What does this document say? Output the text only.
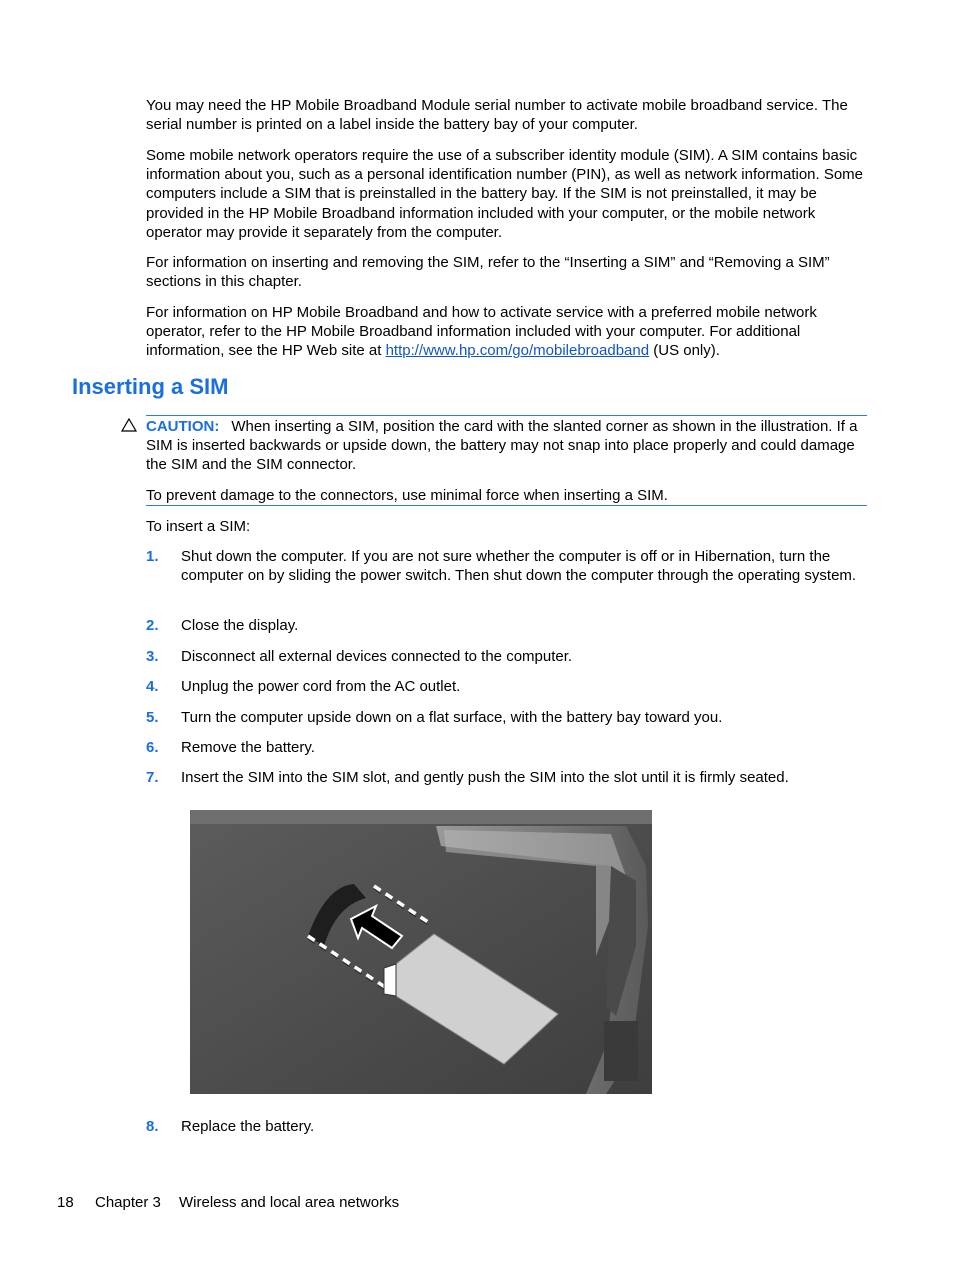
You may need the HP Mobile Broadband Module serial number to activate mobile broadband service. The serial number is printed on a label inside the battery bay of your computer.

Some mobile network operators require the use of a subscriber identity module (SIM). A SIM contains basic information about you, such as a personal identification number (PIN), as well as network information. Some computers include a SIM that is preinstalled in the battery bay. If the SIM is not preinstalled, it may be provided in the HP Mobile Broadband information included with your computer, or the mobile network operator may provide it separately from the computer.

For information on inserting and removing the SIM, refer to the “Inserting a SIM” and “Removing a SIM” sections in this chapter.

For information on HP Mobile Broadband and how to activate service with a preferred mobile network operator, refer to the HP Mobile Broadband information included with your computer. For additional information, see the HP Web site at http://www.hp.com/go/mobilebroadband (US only).

Inserting a SIM

CAUTION: When inserting a SIM, position the card with the slanted corner as shown in the illustration. If a SIM is inserted backwards or upside down, the battery may not snap into place properly and could damage the SIM and the SIM connector.

To prevent damage to the connectors, use minimal force when inserting a SIM.

To insert a SIM:

1. Shut down the computer. If you are not sure whether the computer is off or in Hibernation, turn the computer on by sliding the power switch. Then shut down the computer through the operating system.
2. Close the display.
3. Disconnect all external devices connected to the computer.
4. Unplug the power cord from the AC outlet.
5. Turn the computer upside down on a flat surface, with the battery bay toward you.
6. Remove the battery.
7. Insert the SIM into the SIM slot, and gently push the SIM into the slot until it is firmly seated.
8. Replace the battery.
18 Chapter 3 Wireless and local area networks
